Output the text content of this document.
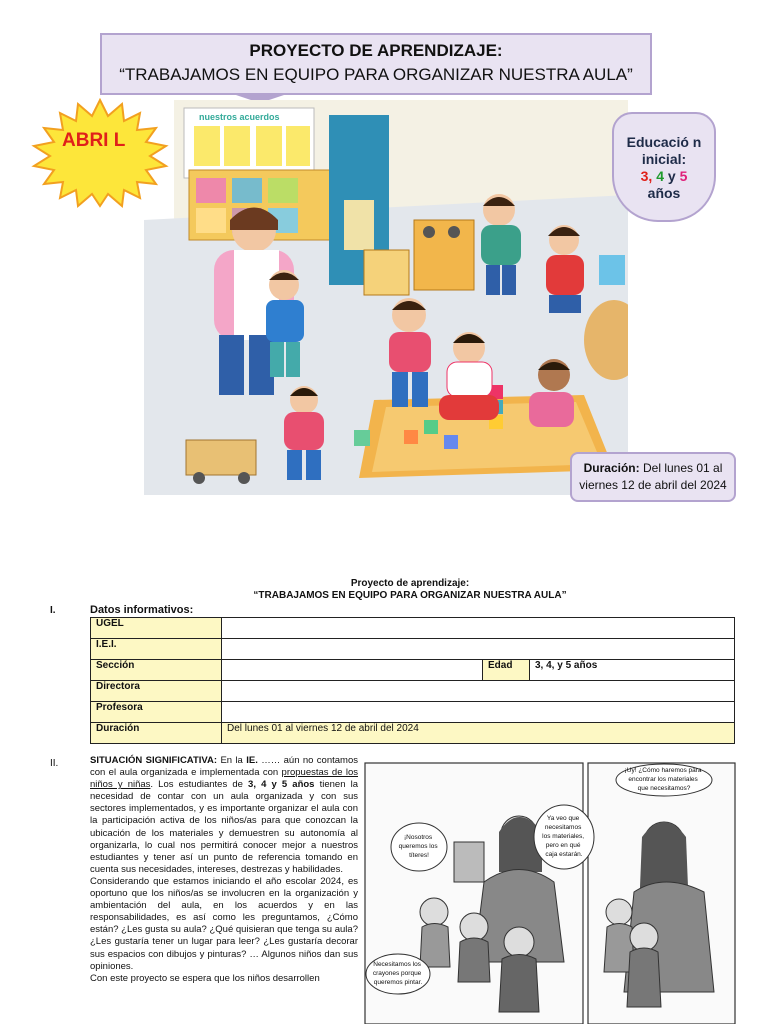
PROYECTO DE APRENDIZAJE:
“TRABAJAMOS EN EQUIPO PARA ORGANIZAR NUESTRA AULA”
nuestros acuerdos
ABRI L	Educació n inicial:
3, 4 y 5
años
Duración: Del lunes 01 al viernes 12 de abril del 2024
Proyecto de aprendizaje:
“TRABAJAMOS EN EQUIPO PARA ORGANIZAR NUESTRA AULA”
I.	Datos informativos:
UGEL			
I.E.I.			
Sección		Edad	3, 4, y 5 años
Directora			
Profesora			
Duración	Del lunes 01 al viernes 12 de abril del 2024		
II.	SITUACIÓN SIGNIFICATIVA: En la IE. …… aún no contamos con el aula organizada e implementada con propuestas de los niños y niñas. Los estudiantes de 3, 4 y 5 años tienen la necesidad de contar con un aula organizada y con sus sectores implementados, y es importante organizar el aula con la participación activa de los niños/as para que conozcan la ubicación de los materiales y demuestren su autonomía al organizarla, lo cual nos permitirá conocer mejor a nuestros estudiantes y tener así un punto de referencia tomando en cuenta sus necesidades, intereses, destrezas y habilidades.
Considerando que estamos iniciando el año escolar 2024, es oportuno que los niños/as se involucren en la organización y ambientación del aula, en los acuerdos y en las responsabilidades, es así como les preguntamos, ¿Cómo están? ¿Les gusta su aula? ¿Qué quisieran que tenga su aula? ¿Les gustaría tener un lugar para leer? ¿Les gustaría decorar sus espacios con dibujos y pinturas? … Algunos niños dan sus opiniones.
Con este proyecto se espera que los niños desarrollen
¡Nosotros queremos los títeres!
Ya veo que necesitamos los materiales, pero en qué caja estarán.
Necesitamos los crayones porque queremos pintar.
¡Uy! ¿Cómo haremos para encontrar los materiales que necesitamos?
